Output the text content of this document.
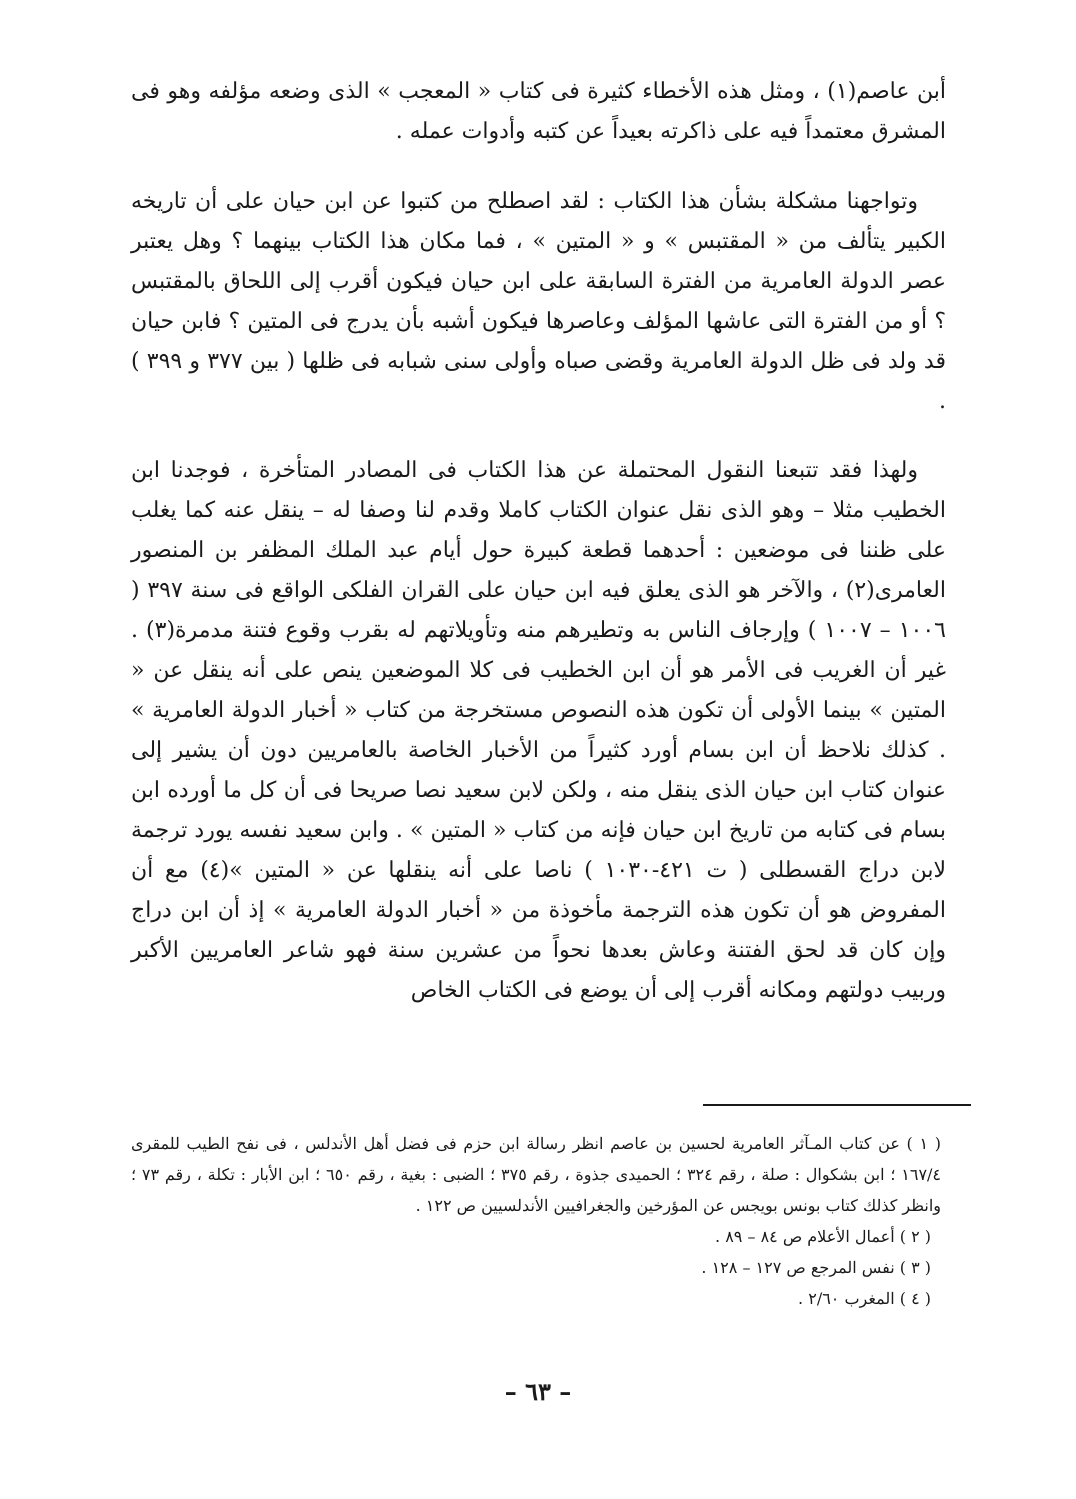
أبن عاصم(١) ، ومثل هذه الأخطاء كثيرة فى كتاب « المعجب » الذى وضعه مؤلفه وهو فى المشرق معتمداً فيه على ذاكرته بعيداً عن كتبه وأدوات عمله .

وتواجهنا مشكلة بشأن هذا الكتاب : لقد اصطلح من كتبوا عن ابن حيان على أن تاريخه الكبير يتألف من « المقتبس » و « المتين » ، فما مكان هذا الكتاب بينهما ؟ وهل يعتبر عصر الدولة العامرية من الفترة السابقة على ابن حيان فيكون أقرب إلى اللحاق بالمقتبس ؟ أو من الفترة التى عاشها المؤلف وعاصرها فيكون أشبه بأن يدرج فى المتين ؟ فابن حيان قد ولد فى ظل الدولة العامرية وقضى صباه وأولى سنى شبابه فى ظلها ( بين ٣٧٧ و ٣٩٩ ) .

ولهذا فقد تتبعنا النقول المحتملة عن هذا الكتاب فى المصادر المتأخرة ، فوجدنا ابن الخطيب مثلا – وهو الذى نقل عنوان الكتاب كاملا وقدم لنا وصفا له – ينقل عنه كما يغلب على ظننا فى موضعين : أحدهما قطعة كبيرة حول أيام عبد الملك المظفر بن المنصور العامرى(٢) ، والآخر هو الذى يعلق فيه ابن حيان على القران الفلكى الواقع فى سنة ٣٩٧ ( ١٠٠٦ – ١٠٠٧ ) وإرجاف الناس به وتطيرهم منه وتأويلاتهم له بقرب وقوع فتنة مدمرة(٣) . غير أن الغريب فى الأمر هو أن ابن الخطيب فى كلا الموضعين ينص على أنه ينقل عن « المتين » بينما الأولى أن تكون هذه النصوص مستخرجة من كتاب « أخبار الدولة العامرية » . كذلك نلاحظ أن ابن بسام أورد كثيراً من الأخبار الخاصة بالعامريين دون أن يشير إلى عنوان كتاب ابن حيان الذى ينقل منه ، ولكن لابن سعيد نصا صريحا فى أن كل ما أورده ابن بسام فى كتابه من تاريخ ابن حيان فإنه من كتاب « المتين » . وابن سعيد نفسه يورد ترجمة لابن دراج القسطلى ( ت ٤٢١-١٠٣٠ ) ناصا على أنه ينقلها عن « المتين »(٤) مع أن المفروض هو أن تكون هذه الترجمة مأخوذة من « أخبار الدولة العامرية » إذ أن ابن دراج وإن كان قد لحق الفتنة وعاش بعدها نحواً من عشرين سنة فهو شاعر العامريين الأكبر وربيب دولتهم ومكانه أقرب إلى أن يوضع فى الكتاب الخاص

( ١ ) عن كتاب المـآثر العامرية لحسين بن عاصم انظر رسالة ابن حزم فى فضل أهل الأندلس ، فى نفح الطيب للمقرى ١٦٧/٤ ؛ ابن بشكوال : صلة ، رقم ٣٢٤ ؛ الحميدى جذوة ، رقم ٣٧٥ ؛ الضبى : بغية ، رقم ٦٥٠ ؛ ابن الأبار : تكلة ، رقم ٧٣ ؛ وانظر كذلك كتاب بونس بويجس عن المؤرخين والجغرافيين الأندلسيين ص ١٢٢ .

( ٢ ) أعمال الأعلام ص ٨٤ – ٨٩ .

( ٣ ) نفس المرجع ص ١٢٧ – ١٢٨ .

( ٤ ) المغرب ٢/٦٠ .

– ٦٣ –
